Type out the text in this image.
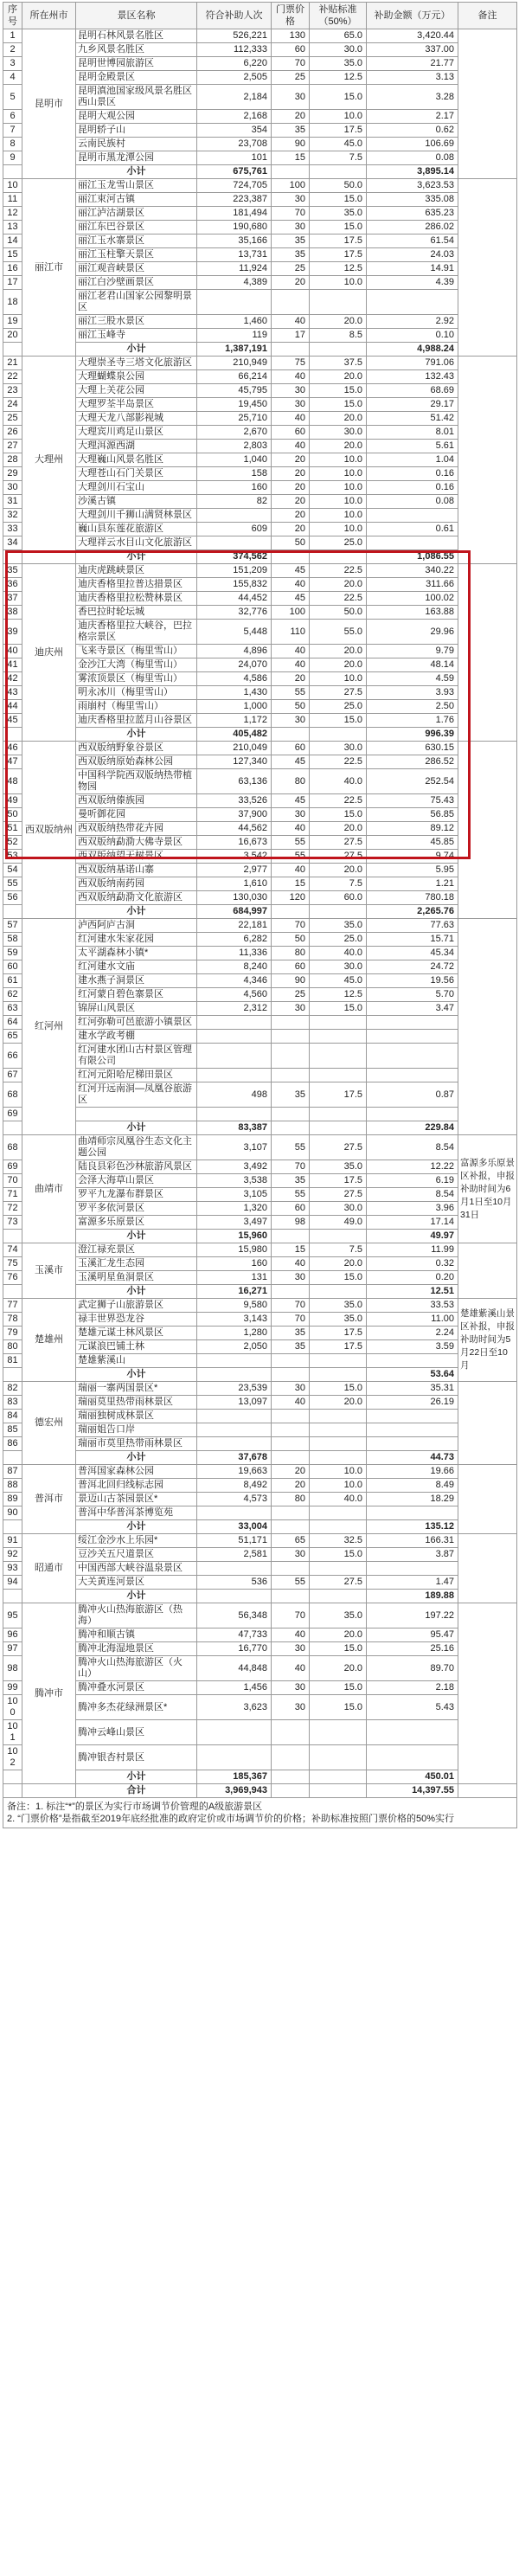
序号	所在州市	景区名称	符合补助人次	门票价格	补贴标准（50%）	补助金额（万元）	备注
1	昆明市	昆明石林风景名胜区	526,221	130	65.0	3,420.44	
2		九乡风景名胜区	112,333	60	30.0	337.00	
3		昆明世博园旅游区	6,220	70	35.0	21.77	
4		昆明金殿景区	2,505	25	12.5	3.13	
5		昆明滇池国家级风景名胜区西山景区	2,184	30	15.0	3.28	
6		昆明大观公园	2,168	20	10.0	2.17	
7		昆明轿子山	354	35	17.5	0.62	
8		云南民族村	23,708	90	45.0	106.69	
9		昆明市黑龙潭公园	101	15	7.5	0.08	
		小计	675,761			3,895.14	
10	丽江市	丽江玉龙雪山景区	724,705	100	50.0	3,623.53	
11		丽江束河古镇	223,387	30	15.0	335.08	
12		丽江泸沽湖景区	181,494	70	35.0	635.23	
13		丽江东巴谷景区	190,680	30	15.0	286.02	
14		丽江玉水寨景区	35,166	35	17.5	61.54	
15		丽江玉柱擎天景区	13,731	35	17.5	24.03	
16		丽江观音峡景区	11,924	25	12.5	14.91	
17		丽江白沙壁画景区	4,389	20	10.0	4.39	
18		丽江老君山国家公园黎明景区					
19		丽江三股水景区	1,460	40	20.0	2.92	
20		丽江玉峰寺	119	17	8.5	0.10	
		小计	1,387,191			4,988.24	
21	大理州	大理崇圣寺三塔文化旅游区	210,949	75	37.5	791.06	
22		大理蝴蝶泉公园	66,214	40	20.0	132.43	
23		大理上关花公园	45,795	30	15.0	68.69	
24		大理罗荃半岛景区	19,450	30	15.0	29.17	
25		大理天龙八部影视城	25,710	40	20.0	51.42	
26		大理宾川鸡足山景区	2,670	60	30.0	8.01	
27		大理洱源西湖	2,803	40	20.0	5.61	
28		大理巍山风景名胜区	1,040	20	10.0	1.04	
29		大理苍山石门关景区	158	20	10.0	0.16	
30		大理剑川石宝山	160	20	10.0	0.16	
31		沙溪古镇	82	20	10.0	0.08	
32		大理剑川千狮山满贤林景区		20	10.0		
33		巍山县东莲花旅游区	609	20	10.0	0.61	
34		大理祥云水目山文化旅游区		50	25.0		
		小计	374,562			1,086.55	
35	迪庆州	迪庆虎跳峡景区	151,209	45	22.5	340.22	
36		迪庆香格里拉普达措景区	155,832	40	20.0	311.66	
37		迪庆香格里拉松赞林景区	44,452	45	22.5	100.02	
38		香巴拉时轮坛城	32,776	100	50.0	163.88	
39		迪庆香格里拉大峡谷，巴拉格宗景区	5,448	110	55.0	29.96	
40		飞来寺景区（梅里雪山）	4,896	40	20.0	9.79	
41		金沙江大湾（梅里雪山）	24,070	40	20.0	48.14	
42		雾浓顶景区（梅里雪山）	4,586	20	10.0	4.59	
43		明永冰川（梅里雪山）	1,430	55	27.5	3.93	
44		雨崩村（梅里雪山）	1,000	50	25.0	2.50	
45		迪庆香格里拉蓝月山谷景区	1,172	30	15.0	1.76	
		小计	405,482			996.39	
46	西双版纳州	西双版纳野象谷景区	210,049	60	30.0	630.15	
47		西双版纳原始森林公园	127,340	45	22.5	286.52	
48		中国科学院西双版纳热带植物园	63,136	80	40.0	252.54	
49		西双版纳傣族园	33,526	45	22.5	75.43	
50		曼听御花园	37,900	30	15.0	56.85	
51		西双版纳热带花卉园	44,562	40	20.0	89.12	
52		西双版纳勐泐大佛寺景区	16,673	55	27.5	45.85	
53		西双版纳望天树景区	3,542	55	27.5	9.74	
54		西双版纳基诺山寨	2,977	40	20.0	5.95	
55		西双版纳南药园	1,610	15	7.5	1.21	
56		西双版纳勐泐文化旅游区	130,030	120	60.0	780.18	
		小计	684,997			2,265.76	
57	红河州	泸西阿庐古洞	22,181	70	35.0	77.63	
58		红河建水朱家花园	6,282	50	25.0	15.71	
59		太平湖森林小镇*	11,336	80	40.0	45.34	
60		红河建水文庙	8,240	60	30.0	24.72	
61		建水燕子洞景区	4,346	90	45.0	19.56	
62		红河蒙自碧色寨景区	4,560	25	12.5	5.70	
63		锦屏山风景区	2,312	30	15.0	3.47	
64		红河弥勒可邑旅游小镇景区					
65		建水学政考棚					
66		红河建水团山古村景区管理有限公司					
67		红河元阳哈尼梯田景区					
68		红河开远南洞—凤凰谷旅游区	498	35	17.5	0.87	
69							
		小计	83,387			229.84	
68	曲靖市	曲靖师宗凤凰谷生态文化主题公园	3,107	55	27.5	8.54	富源多乐原景区补报，申报补助时间为6月1日至10月31日
69		陆良县彩色沙林旅游风景区	3,492	70	35.0	12.22	
70		会泽大海草山景区	3,538	35	17.5	6.19	
71		罗平九龙瀑布群景区	3,105	55	27.5	8.54	
72		罗平多依河景区	1,320	60	30.0	3.96	
73		富源多乐原景区	3,497	98	49.0	17.14	
		小计	15,960			49.97	
74	玉溪市	澄江禄充景区	15,980	15	7.5	11.99	
75		玉溪汇龙生态园	160	40	20.0	0.32	
76		玉溪明星鱼洞景区	131	30	15.0	0.20	
		小计	16,271			12.51	
77	楚雄州	武定狮子山旅游景区	9,580	70	35.0	33.53	楚雄紫溪山景区补报，申报补助时间为5月22日至10月
78		禄丰世界恐龙谷	3,143	70	35.0	11.00	
79		楚雄元谋土林风景区	1,280	35	17.5	2.24	
80		元谋浪巴铺土林	2,050	35	17.5	3.59	
81		楚雄紫溪山					
		小计				53.64	
82	德宏州	瑞丽一寨两国景区*	23,539	30	15.0	35.31	
83		瑞丽莫里热带雨林景区	13,097	40	20.0	26.19	
84		瑞丽独树成林景区					
85		瑞丽姐告口岸					
86		瑞丽市莫里热带雨林景区					
		小计	37,678			44.73	
87	普洱市	普洱国家森林公园	19,663	20	10.0	19.66	
88		普洱北回归线标志园	8,492	20	10.0	8.49	
89		景迈山古茶园景区*	4,573	80	40.0	18.29	
90		普洱中华普洱茶博览苑					
		小计	33,004			135.12	
91	昭通市	绥江金沙水上乐园*	51,171	65	32.5	166.31	
92		豆沙关五尺道景区	2,581	30	15.0	3.87	
93		中国西部大峡谷温泉景区					
94		大关黄连河景区	536	55	27.5	1.47	
		小计				189.88	
95	腾冲市	腾冲火山热海旅游区（热海）	56,348	70	35.0	197.22	
96		腾冲和顺古镇	47,733	40	20.0	95.47	
97		腾冲北海湿地景区	16,770	30	15.0	25.16	
98		腾冲火山热海旅游区（火山）	44,848	40	20.0	89.70	
99		腾冲叠水河景区	1,456	30	15.0	2.18	
100		腾冲多杰花绿洲景区*	3,623	30	15.0	5.43	
101		腾冲云峰山景区					
102		腾冲银杏村景区					
		小计	185,367			450.01	
		合计	3,969,943			14,397.55	
备注：1. 标注“*”的景区为实行市场调节价管理的A级旅游景区
2. “门票价格”是指截至2019年底经批准的政府定价或市场调节价的价格；补助标准按照门票价格的50%实行							
